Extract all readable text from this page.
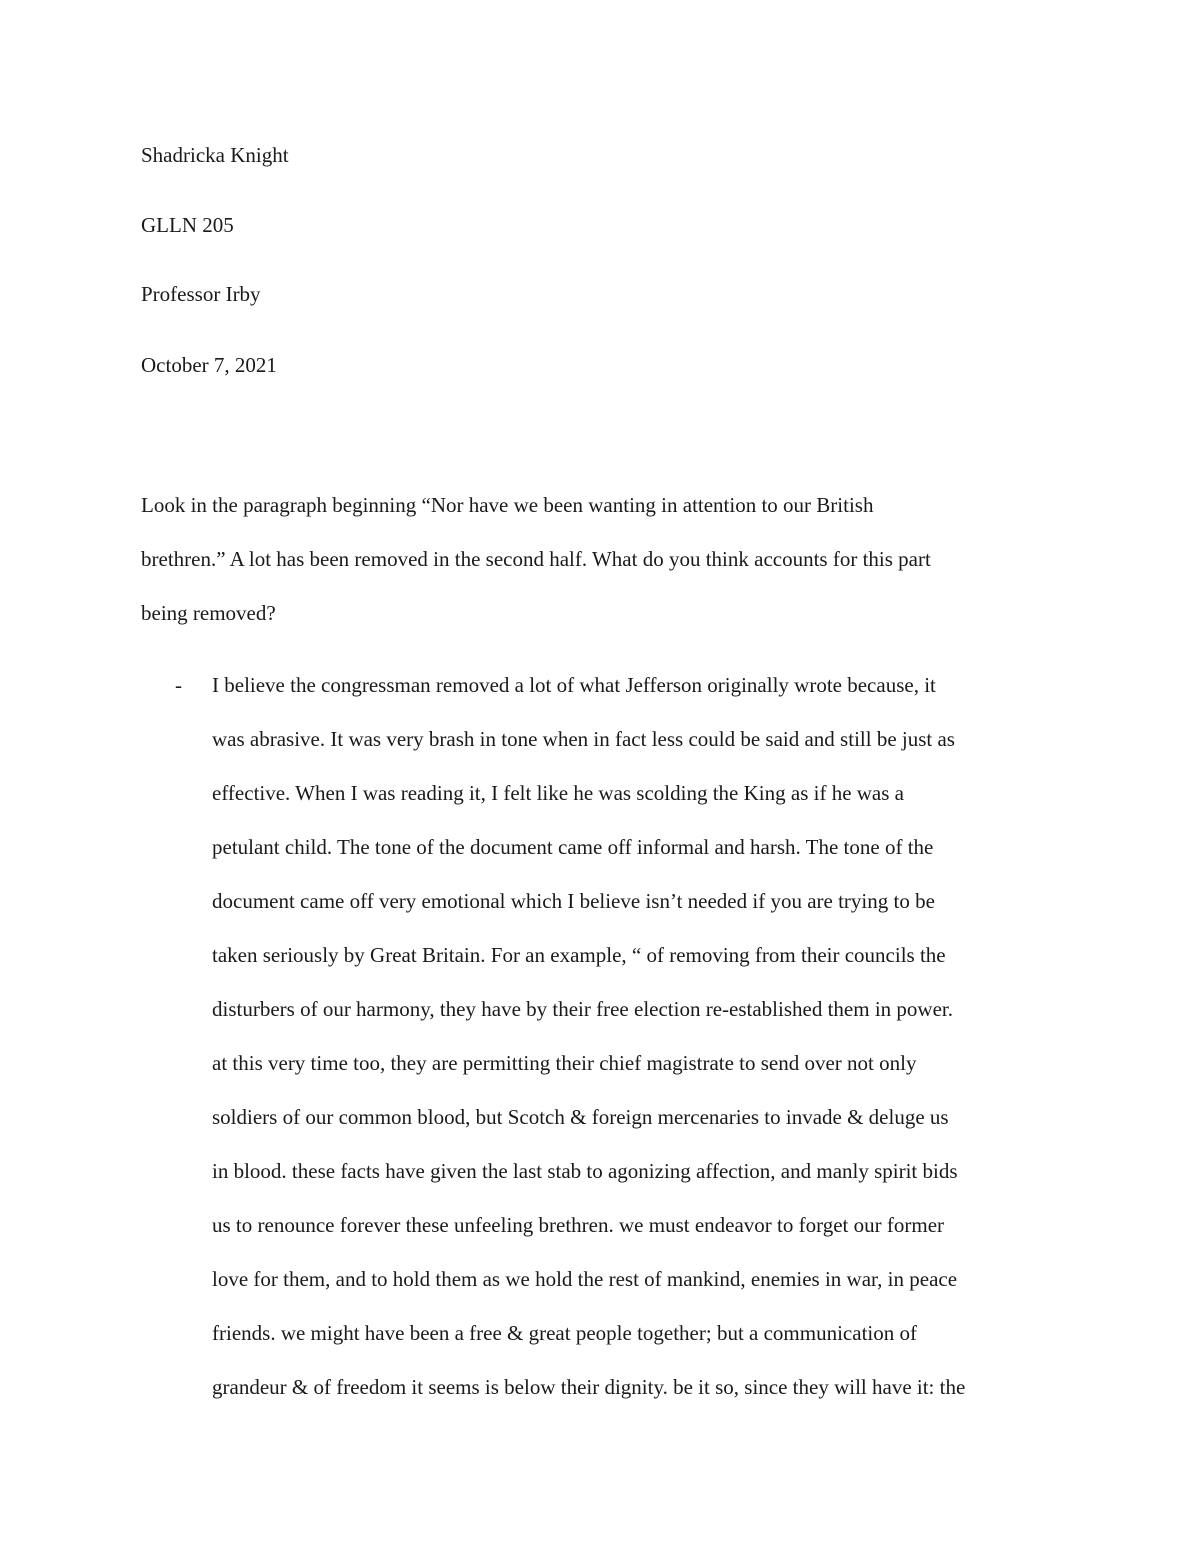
Shadricka Knight
GLLN 205
Professor Irby
October 7, 2021
Look in the paragraph beginning “Nor have we been wanting in attention to our British
brethren.” A lot has been removed in the second half. What do you think accounts for this part
being removed?
- I believe the congressman removed a lot of what Jefferson originally wrote because, it
was abrasive. It was very brash in tone when in fact less could be said and still be just as
effective. When I was reading it, I felt like he was scolding the King as if he was a
petulant child. The tone of the document came off informal and harsh. The tone of the
document came off very emotional which I believe isn’t needed if you are trying to be
taken seriously by Great Britain. For an example, “ of removing from their councils the
disturbers of our harmony, they have by their free election re-established them in power.
at this very time too, they are permitting their chief magistrate to send over not only
soldiers of our common blood, but Scotch & foreign mercenaries to invade & deluge us
in blood. these facts have given the last stab to agonizing affection, and manly spirit bids
us to renounce forever these unfeeling brethren. we must endeavor to forget our former
love for them, and to hold them as we hold the rest of mankind, enemies in war, in peace
friends. we might have been a free & great people together; but a communication of
grandeur & of freedom it seems is below their dignity. be it so, since they will have it: the
